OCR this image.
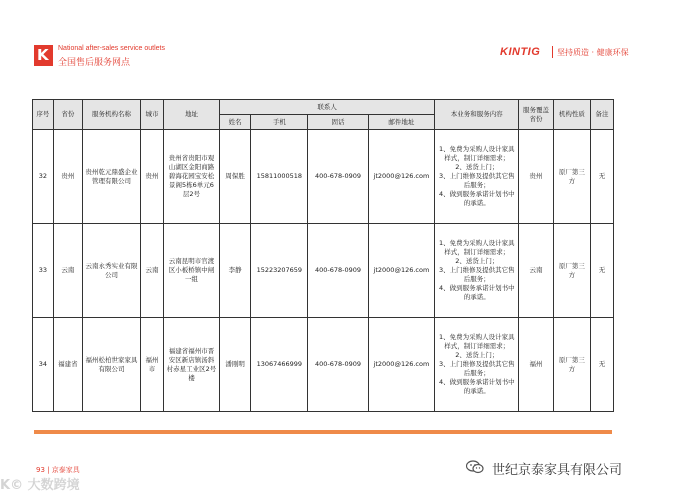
K National after-sales service outlets
全国售后服务网点
KINTIG 坚持质造 · 健康环保
序号	省份	服务机构名称	城市	地址	联系人				本业务和服务内容	服务覆盖省份	机构性质	备注
					姓名	手机	固话	邮件地址				
32	贵州	贵州乾元鼎盛企业管理有限公司	贵州	贵州省贵阳市观山湖区金阳商路碧海花园宝安松景阁5栋6单元6层2号	周保胜	15811000518	400-678-0909	jt2000@126.com	1、免费为采购人设计家具样式，制订详细需求；
2、送货上门；
3、上门维修及提供其它售后服务；
4、做到服务承诺计划书中的承诺。	贵州	原厂第三方	无
33	云南	云南永秀实业有限公司	云南	云南昆明市官渡区小板桥镇中闸一组	李静	15223207659	400-678-0909	jt2000@126.com	1、免费为采购人设计家具样式，制订详细需求；
2、送货上门；
3、上门维修及提供其它售后服务；
4、做到服务承诺计划书中的承诺。	云南	原厂第三方	无
34	福建省	福州松柏世家家具有限公司	福州市	福建省福州市晋安区新店镇汤斜村赤星工业区2号楼	潘刚明	13067466999	400-678-0909	jt2000@126.com	1、免费为采购人设计家具样式，制订详细需求；
2、送货上门；
3、上门维修及提供其它售后服务；
4、做到服务承诺计划书中的承诺。	福州	原厂第三方	无
93 | 京泰家具
K© 大数跨境
世纪京泰家具有限公司
